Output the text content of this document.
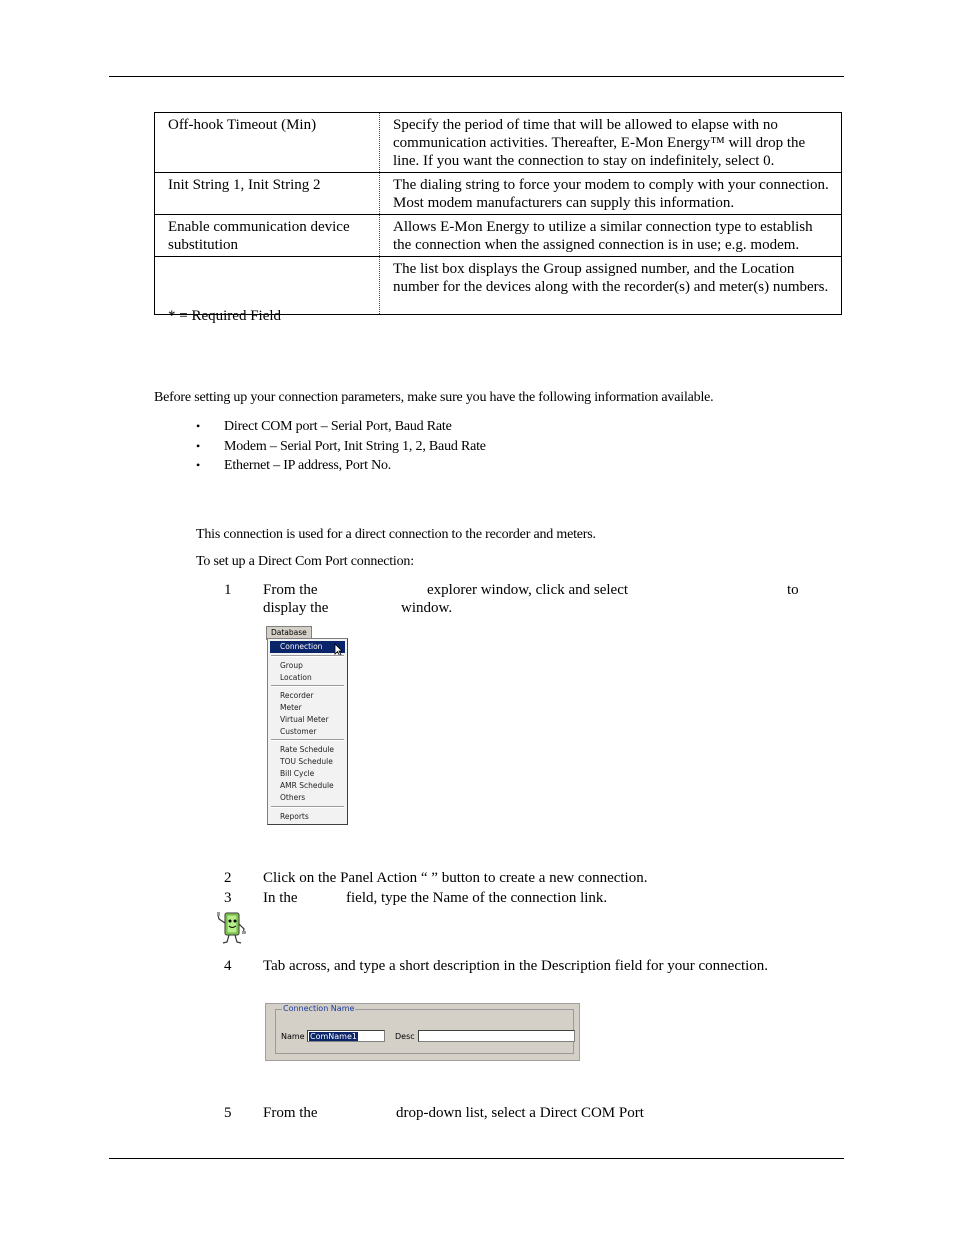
Off-hook Timeout (Min)	Specify the period of time that will be allowed to elapse with no communication activities. Thereafter, E-Mon Energy™ will drop the line. If you want the connection to stay on indefinitely, select 0.
Init String 1, Init String 2	The dialing string to force your modem to comply with your connection. Most modem manufacturers can supply this information.
Enable communication device substitution	Allows E-Mon Energy to utilize a similar connection type to establish the connection when the assigned connection is in use; e.g. modem.
	The list box displays the Group assigned number, and the Location number for the devices along with the recorder(s) and meter(s) numbers.
* = Required Field
Before setting up your connection parameters, make sure you have the following information available.
• Direct COM port – Serial Port, Baud Rate
• Modem – Serial Port, Init String 1, 2, Baud Rate
• Ethernet – IP address, Port No.
This connection is used for a direct connection to the recorder and meters.
To set up a Direct Com Port connection:
1 From the	explorer window, click and select	to
display the	window.
Database
Connection
Group
Location
Recorder
Meter
Virtual Meter
Customer
Rate Schedule
TOU Schedule
Bill Cycle
AMR Schedule
Others
Reports
2 Click on the Panel Action “ ” button to create a new connection.
3 In the	field, type the Name of the connection link.
4 Tab across, and type a short description in the Description field for your connection.
Connection Name
Name ComName1	Desc
5 From the	drop-down list, select a Direct COM Port
